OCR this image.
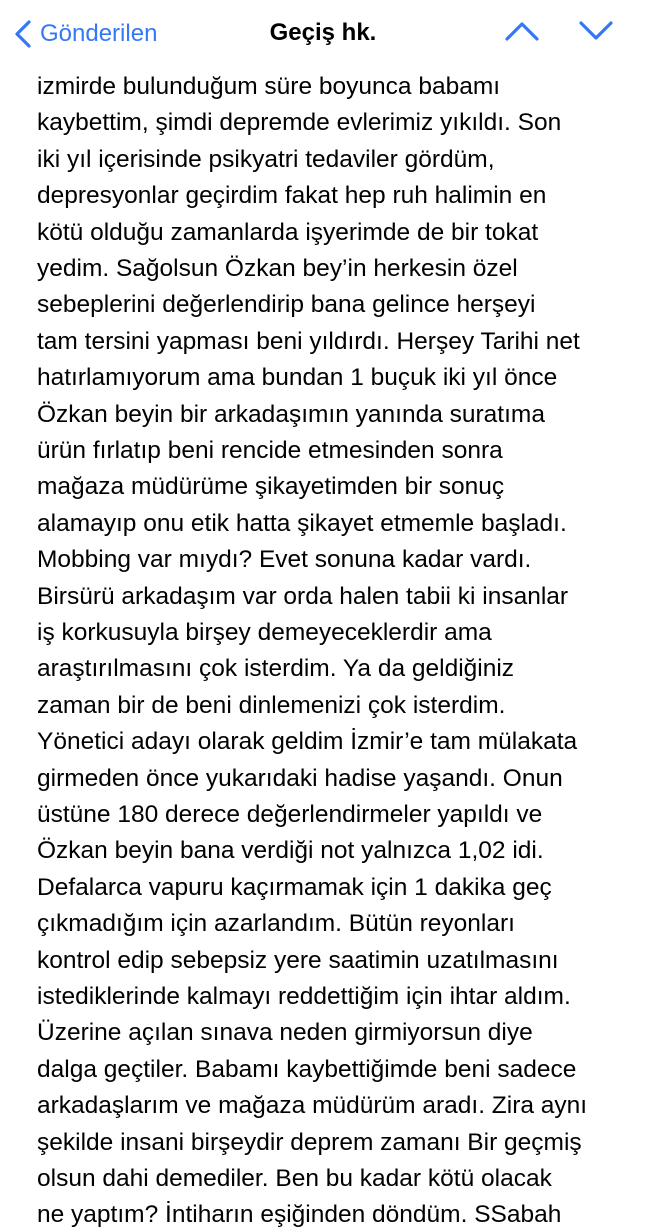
Gönderilen	Geçiş hk.
izmirde bulunduğum süre boyunca babamı
kaybettim, şimdi depremde evlerimiz yıkıldı. Son
iki yıl içerisinde psikyatri tedaviler gördüm,
depresyonlar geçirdim fakat hep ruh halimin en
kötü olduğu zamanlarda işyerimde de bir tokat
yedim. Sağolsun Özkan bey’in herkesin özel
sebeplerini değerlendirip bana gelince herşeyi
tam tersini yapması beni yıldırdı. Herşey Tarihi net
hatırlamıyorum ama bundan 1 buçuk iki yıl önce
Özkan beyin bir arkadaşımın yanında suratıma
ürün fırlatıp beni rencide etmesinden sonra
mağaza müdürüme şikayetimden bir sonuç
alamayıp onu etik hatta şikayet etmemle başladı.
Mobbing var mıydı? Evet sonuna kadar vardı.
Birsürü arkadaşım var orda halen tabii ki insanlar
iş korkusuyla birşey demeyeceklerdir ama
araştırılmasını çok isterdim. Ya da geldiğiniz
zaman bir de beni dinlemenizi çok isterdim.
Yönetici adayı olarak geldim İzmir’e tam mülakata
girmeden önce yukarıdaki hadise yaşandı. Onun
üstüne 180 derece değerlendirmeler yapıldı ve
Özkan beyin bana verdiği not yalnızca 1,02 idi.
Defalarca vapuru kaçırmamak için 1 dakika geç
çıkmadığım için azarlandım. Bütün reyonları
kontrol edip sebepsiz yere saatimin uzatılmasını
istediklerinde kalmayı reddettiğim için ihtar aldım.
Üzerine açılan sınava neden girmiyorsun diye
dalga geçtiler. Babamı kaybettiğimde beni sadece
arkadaşlarım ve mağaza müdürüm aradı. Zira aynı
şekilde insani birşeydir deprem zamanı Bir geçmiş
olsun dahi demediler. Ben bu kadar kötü olacak
ne yaptım? İntiharın eşiğinden döndüm. SSabah
